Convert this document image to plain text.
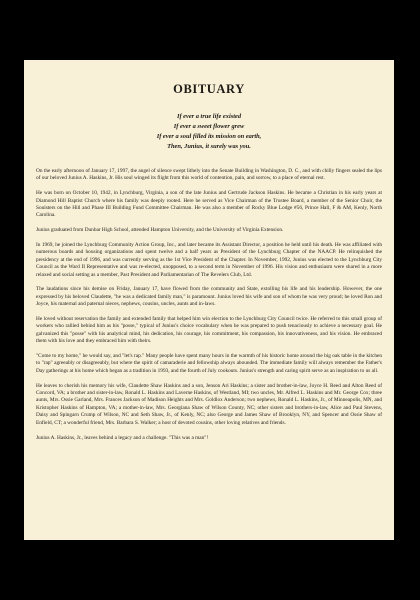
OBITUARY
If ever a true life existed
If ever a sweet flower grew
If ever a soul filled its mission on earth,
Then, Junius, it surely was you.

On the early afternoon of January 17, 1997, the angel of silence swept lithely into the Senate Building in Washington, D. C., and with chilly fingers sealed the lips of our beloved Junius A. Haskins, Jr. His soul winged its flight from this world of contention, pain, and sorrow, to a place of eternal rest.

He was born on October 10, 1942, in Lynchburg, Virginia, a son of the late Junius and Gertrude Jackson Haskins. He became a Christian in his early years at Diamond Hill Baptist Church where his family was deeply rooted. Here he served as Vice Chairman of the Trustee Board, a member of the Senior Choir, the Soulsters on the Hill and Phase III Building Fund Committee Chairman. He was also a member of Rocky Blue Lodge #56, Prince Hall, F & AM, Kenly, North Carolina.

Junius graduated from Dunbar High School, attended Hampton University, and the University of Virginia Extension.

In 1969, he joined the Lynchburg Community Action Group, Inc., and later became its Assistant Director, a position he held until his death. He was affiliated with numerous boards and housing organizations and spent twelve and a half years as President of the Lynchburg Chapter of the NAACP. He relinquished the presidency at the end of 1996, and was currently serving as the 1st Vice President of the Chapter. In November, 1992, Junius was elected to the Lynchburg City Council as the Ward II Representative and was re-elected, unopposed, to a second term in November of 1996. His vision and enthusiasm were shared in a more relaxed and social setting as a member, Past President and Parliamentarian of The Revelers Club, Ltd.

The laudations since his demise on Friday, January 17, have flowed from the community and State, extolling his life and his leadership. However, the one expressed by his beloved Claudette, "he was a dedicated family man," is paramount. Junius loved his wife and son of whom he was very proud; he loved Ron and Joyce, his maternal and paternal nieces, nephews, cousins, uncles, aunts and in-laws.

He loved without reservation the family and extended family that helped him win election to the Lynchburg City Council twice. He referred to this small group of workers who rallied behind him as his "posse," typical of Junius's choice vocabulary when he was prepared to push tenaciously to achieve a necessary goal. He galvanized this "posse" with his analytical mind, his dedication, his courage, his commitment, his compassion, his innovativeness, and his vision. He embraced them with his love and they embraced him with theirs.

"Come to my home," he would say, and "let's rap." Many people have spent many hours in the warmth of his historic home around the big oak table in the kitchen to "rap" agreeably or disagreeably, but where the spirit of camaraderie and fellowship always abounded. The immediate family will always remember the Father's Day gatherings at his home which began as a tradition in 1993, and the fourth of July cookouts. Junius's strength and caring spirit serve as an inspiration to us all.

He leaves to cherish his memory his wife, Claudette Shaw Haskins and a son, Jenson Ari Haskins; a sister and brother-in-law, Joyce H. Reed and Alton Reed of Concord, VA; a brother and sister-in-law, Ronald L. Haskins and Laverne Haskins, of Westland, MI; two uncles, Mr. Alfred L. Haskins and Mr. George Cox; three aunts, Mrs. Ossie Garland, Mrs. Frances Jackson of Madison Heights and Mrs. Goldlox Anderson; two nephews, Ronald L. Haskins, Jr., of Minneapolis, MN, and Kristopher Haskins of Hampton, VA; a mother-in-law, Mrs. Georgiana Shaw of Wilson County, NC; other sisters and brothers-in-law, Alice and Paul Stevens, Daisy and Spingarn Crump of Wilson, NC and Seth Shaw, Jr., of Kenly, NC; also George and James Shaw of Brooklyn, NY, and Spencer and Ossie Shaw of Enfield, CT; a wonderful friend, Mrs. Barbara S. Walker; a host of devoted cousins, other loving relatives and friends.

Junius A. Haskins, Jr., leaves behind a legacy and a challenge. "This was a man"!
